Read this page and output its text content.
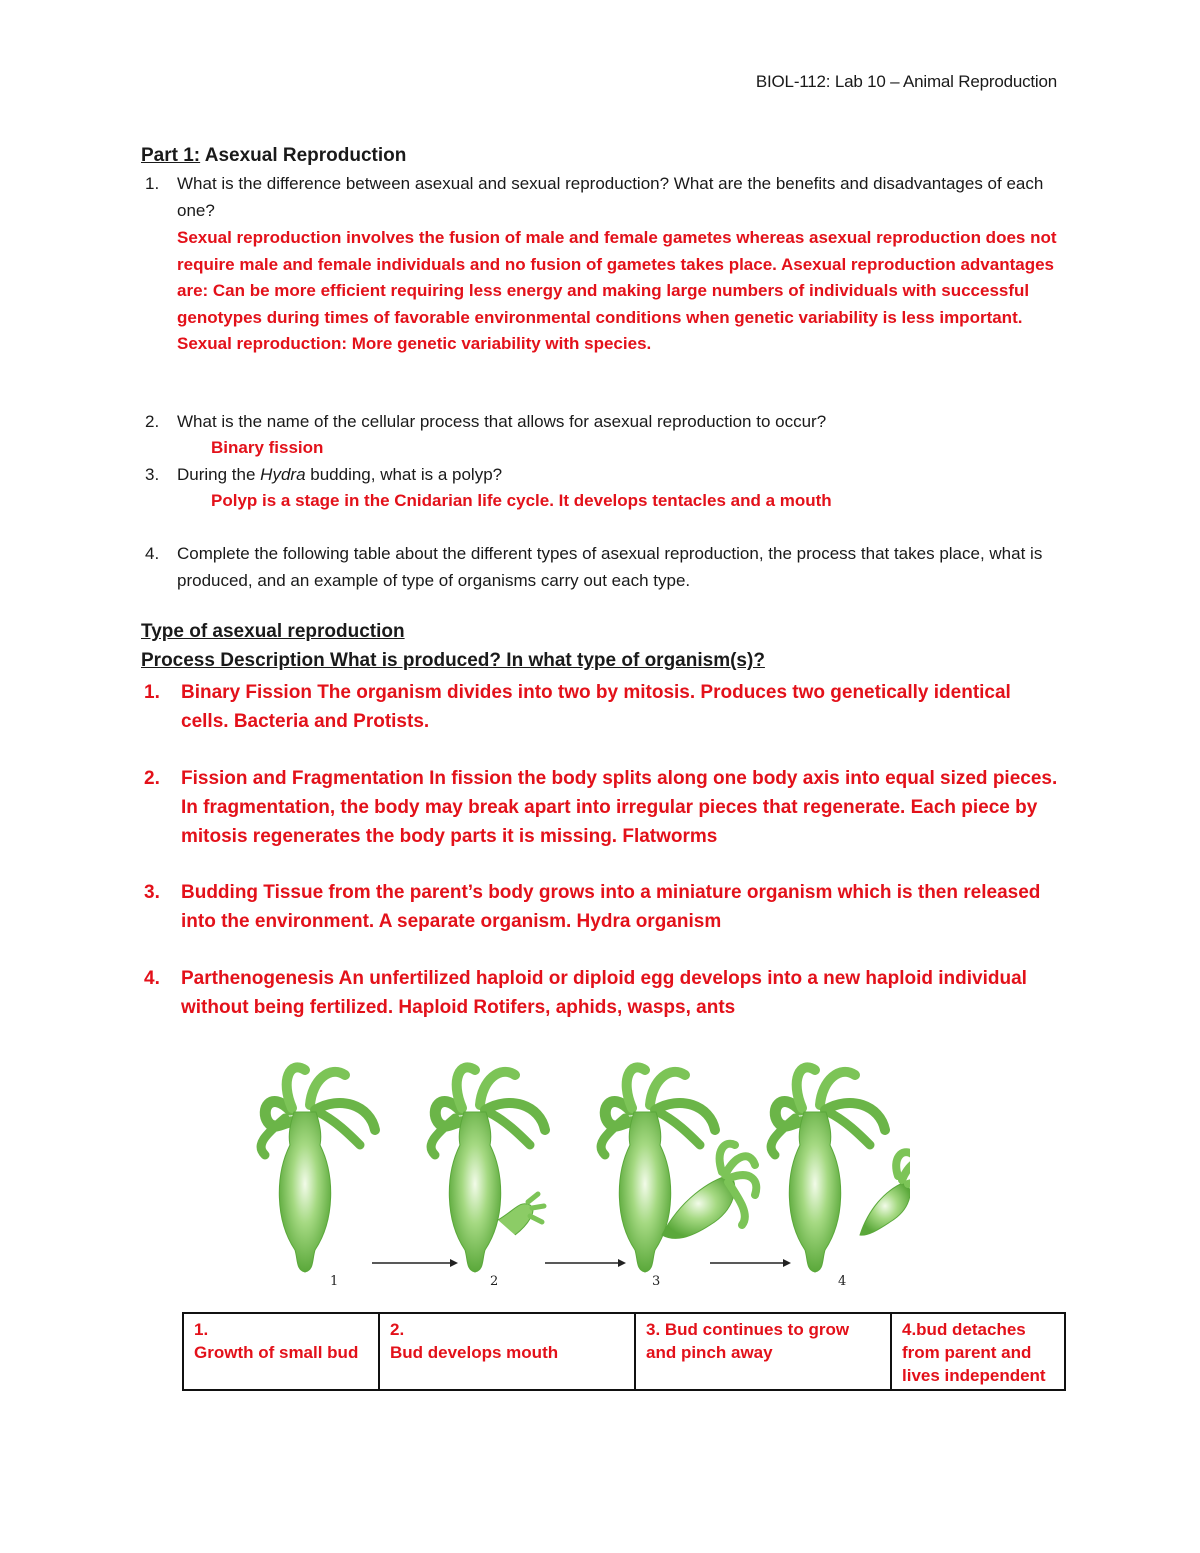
BIOL-112: Lab 10 – Animal Reproduction
Part 1: Asexual Reproduction
1. What is the difference between asexual and sexual reproduction? What are the benefits and disadvantages of each one?
Sexual reproduction involves the fusion of male and female gametes whereas asexual reproduction does not require male and female individuals and no fusion of gametes takes place. Asexual reproduction advantages are: Can be more efficient requiring less energy and making large numbers of individuals with successful genotypes during times of favorable environmental conditions when genetic variability is less important. Sexual reproduction: More genetic variability with species.
2. What is the name of the cellular process that allows for asexual reproduction to occur?
Binary fission
3. During the Hydra budding, what is a polyp?
Polyp is a stage in the Cnidarian life cycle. It develops tentacles and a mouth
4. Complete the following table about the different types of asexual reproduction, the process that takes place, what is produced, and an example of type of organisms carry out each type.
Type of asexual reproduction
Process Description What is produced? In what type of organism(s)?
1. Binary Fission The organism divides into two by mitosis. Produces two genetically identical cells. Bacteria and Protists.
2. Fission and Fragmentation In fission the body splits along one body axis into equal sized pieces. In fragmentation, the body may break apart into irregular pieces that regenerate. Each piece by mitosis regenerates the body parts it is missing. Flatworms
3. Budding Tissue from the parent’s body grows into a miniature organism which is then released into the environment. A separate organism. Hydra organism
4. Parthenogenesis An unfertilized haploid or diploid egg develops into a new haploid individual without being fertilized. Haploid Rotifers, aphids, wasps, ants
1	2	3	4
1.
Growth of small bud

2.
Bud develops mouth

3. Bud continues to grow and pinch away

4.bud detaches from parent and lives independent
